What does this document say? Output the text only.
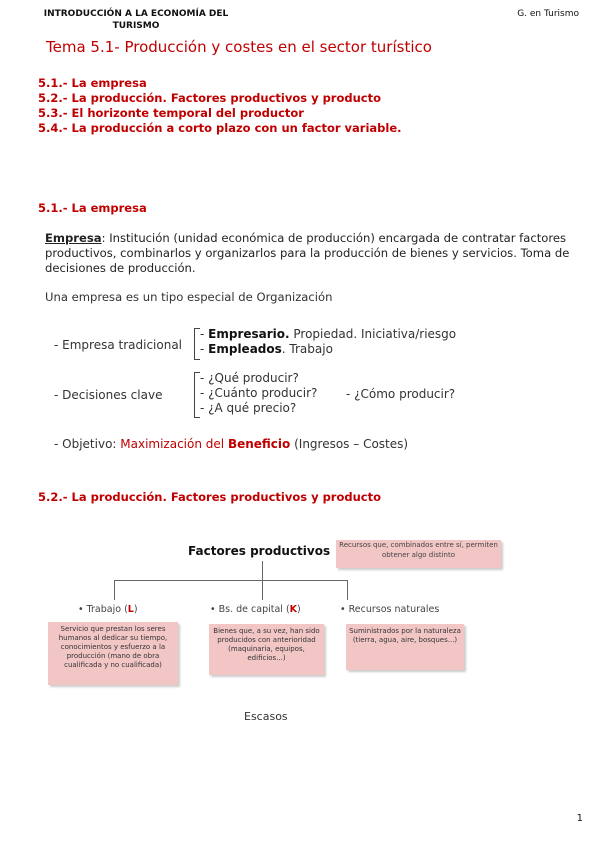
INTRODUCCIÓN A LA ECONOMÍA DEL
TURISMO
G. en Turismo
Tema 5.1- Producción y costes en el sector turístico
5.1.- La empresa
5.2.- La producción. Factores productivos y producto
5.3.- El horizonte temporal del productor
5.4.- La producción a corto plazo con un factor variable.
5.1.- La empresa
Empresa: Institución (unidad económica de producción) encargada de contratar factores productivos, combinarlos y organizarlos para la producción de bienes y servicios. Toma de decisiones de producción.
Una empresa es un tipo especial de Organización
- Empresa tradicional
- Empresario. Propiedad. Iniciativa/riesgo
- Empleados. Trabajo
- Decisiones clave
- ¿Qué producir?
- ¿Cuánto producir?
- ¿A qué precio?
- ¿Cómo producir?
- Objetivo: Maximización del Beneficio (Ingresos – Costes)
5.2.- La producción. Factores productivos y producto
Factores productivos	Recursos que, combinados entre sí, permiten obtener algo distinto
• Trabajo (L)	• Bs. de capital (K)	• Recursos naturales
Servicio que prestan los seres humanos al dedicar su tiempo, conocimientos y esfuerzo a la producción (mano de obra cualificada y no cualificada)
Bienes que, a su vez, han sido producidos con anterioridad (maquinaria, equipos, edificios...)
Suministrados por la naturaleza (tierra, agua, aire, bosques...)
Escasos
1
